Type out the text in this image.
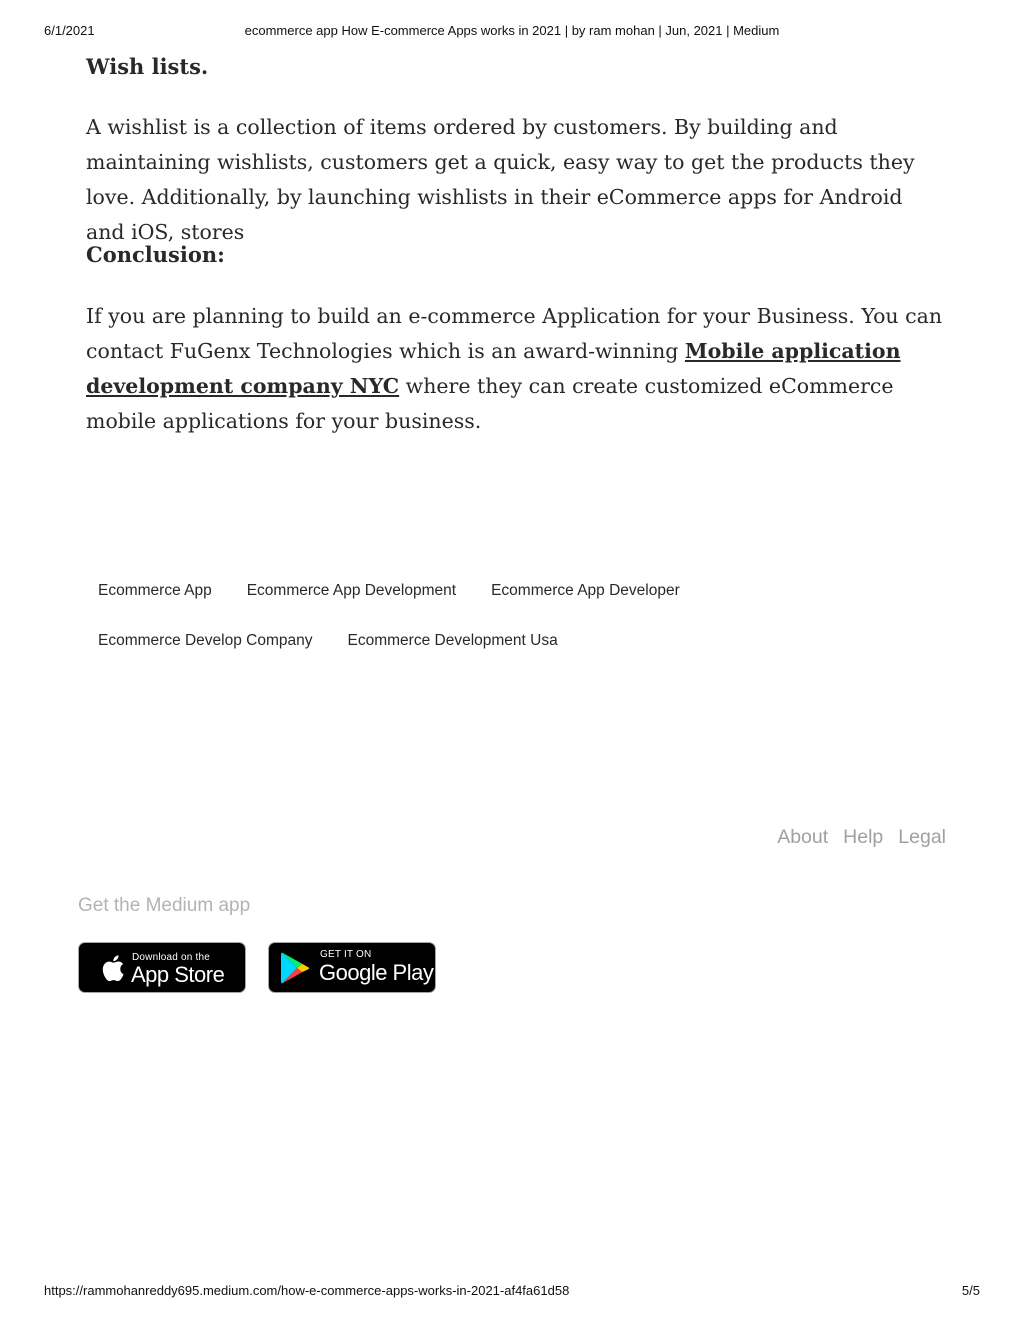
6/1/2021	ecommerce app How E-commerce Apps works in 2021 | by ram mohan | Jun, 2021 | Medium
Wish lists.
A wishlist is a collection of items ordered by customers. By building and maintaining wishlists, customers get a quick, easy way to get the products they love. Additionally, by launching wishlists in their eCommerce apps for Android and iOS, stores
Conclusion:
If you are planning to build an e-commerce Application for your Business. You can contact FuGenx Technologies which is an award-winning Mobile application development company NYC where they can create customized eCommerce mobile applications for your business.
Ecommerce App	Ecommerce App Development	Ecommerce App Developer
Ecommerce Develop Company	Ecommerce Development Usa
About Help Legal
Get the Medium app
Download on the
App Store
GET IT ON
Google Play
https://rammohanreddy695.medium.com/how-e-commerce-apps-works-in-2021-af4fa61d58	5/5
